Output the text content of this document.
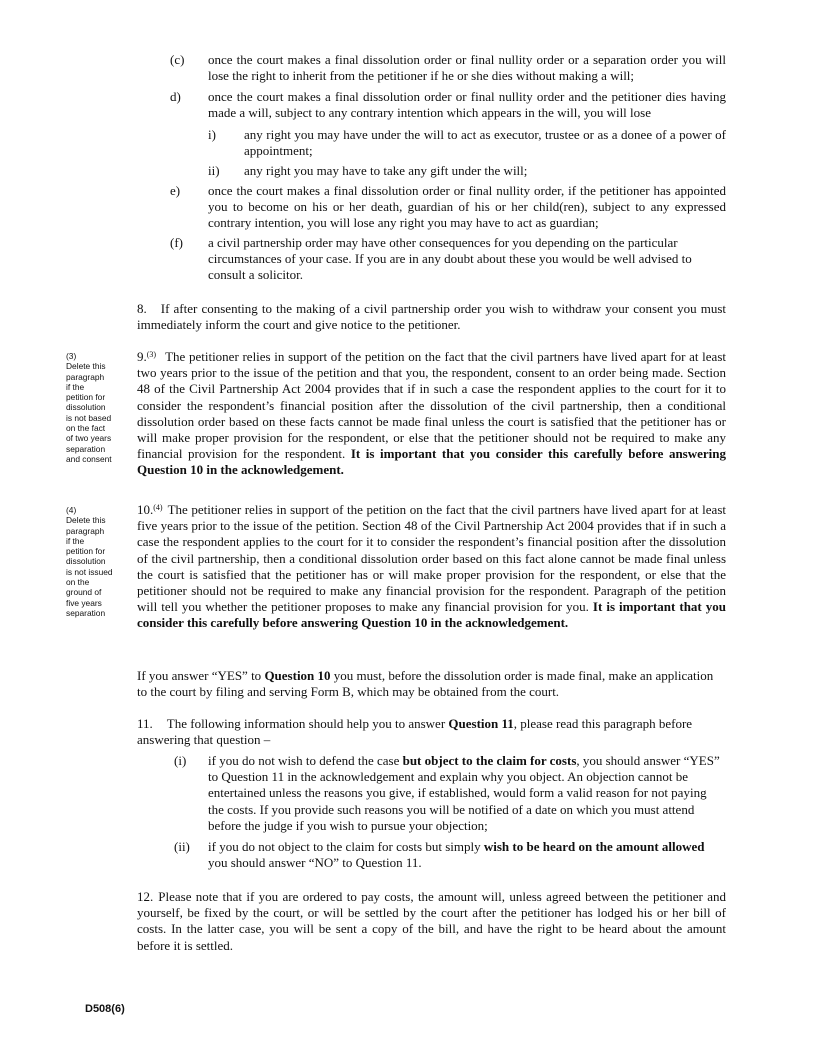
(c)	once the court makes a final dissolution order or final nullity order or a separation order you will lose the right to inherit from the petitioner if he or she dies without making a will;
d)	once the court makes a final dissolution order or final nullity order and the petitioner dies having made a will, subject to any contrary intention which appears in the will, you will lose
i)	any right you may have under the will to act as executor, trustee or as a donee of a power of appointment;
ii)	any right you may have to take any gift under the will;
e)	once the court makes a final dissolution order or final nullity order, if the petitioner has appointed you to become on his or her death, guardian of his or her child(ren), subject to any expressed contrary intention, you will lose any right you may have to act as guardian;
(f)	a civil partnership order may have other consequences for you depending on the particular circumstances of your case. If you are in any doubt about these you would be well advised to consult a solicitor.
8. If after consenting to the making of a civil partnership order you wish to withdraw your consent you must immediately inform the court and give notice to the petitioner.
(3)
Delete this
paragraph
if the
petition for
dissolution
is not based
on the fact
of two years
separation
and consent
9.$^{(3)}$ The petitioner relies in support of the petition on the fact that the civil partners have lived apart for at least two years prior to the issue of the petition and that you, the respondent, consent to an order being made. Section 48 of the Civil Partnership Act 2004 provides that if in such a case the respondent applies to the court for it to consider the respondent’s financial position after the dissolution of the civil partnership, then a conditional dissolution order based on these facts cannot be made final unless the court is satisfied that the petitioner has or will make proper provision for the respondent, or else that the petitioner should not be required to make any financial provision for the respondent. It is important that you consider this carefully before answering Question 10 in the acknowledgement.
(4)
Delete this
paragraph
if the
petition for
dissolution
is not issued
on the
ground of
five years
separation
10.$^{(4)}$ The petitioner relies in support of the petition on the fact that the civil partners have lived apart for at least five years prior to the issue of the petition. Section 48 of the Civil Partnership Act 2004 provides that if in such a case the respondent applies to the court for it to consider the respondent’s financial position after the dissolution of the civil partnership, then a conditional dissolution order based on this fact alone cannot be made final unless the court is satisfied that the petitioner has or will make proper provision for the respondent, or else that the petitioner should not be required to make any financial provision for the respondent. Paragraph of the petition will tell you whether the petitioner proposes to make any financial provision for you. It is important that you consider this carefully before answering Question 10 in the acknowledgement.
If you answer “YES” to Question 10 you must, before the dissolution order is made final, make an application to the court by filing and serving Form B, which may be obtained from the court.
11. The following information should help you to answer Question 11, please read this paragraph before answering that question –
(i)	if you do not wish to defend the case but object to the claim for costs, you should answer “YES” to Question 11 in the acknowledgement and explain why you object. An objection cannot be entertained unless the reasons you give, if established, would form a valid reason for not paying the costs. If you provide such reasons you will be notified of a date on which you must attend before the judge if you wish to pursue your objection;
(ii)	if you do not object to the claim for costs but simply wish to be heard on the amount allowed you should answer “NO” to Question 11.
12. Please note that if you are ordered to pay costs, the amount will, unless agreed between the petitioner and yourself, be fixed by the court, or will be settled by the court after the petitioner has lodged his or her bill of costs. In the latter case, you will be sent a copy of the bill, and have the right to be heard about the amount before it is settled.
D508(6)
